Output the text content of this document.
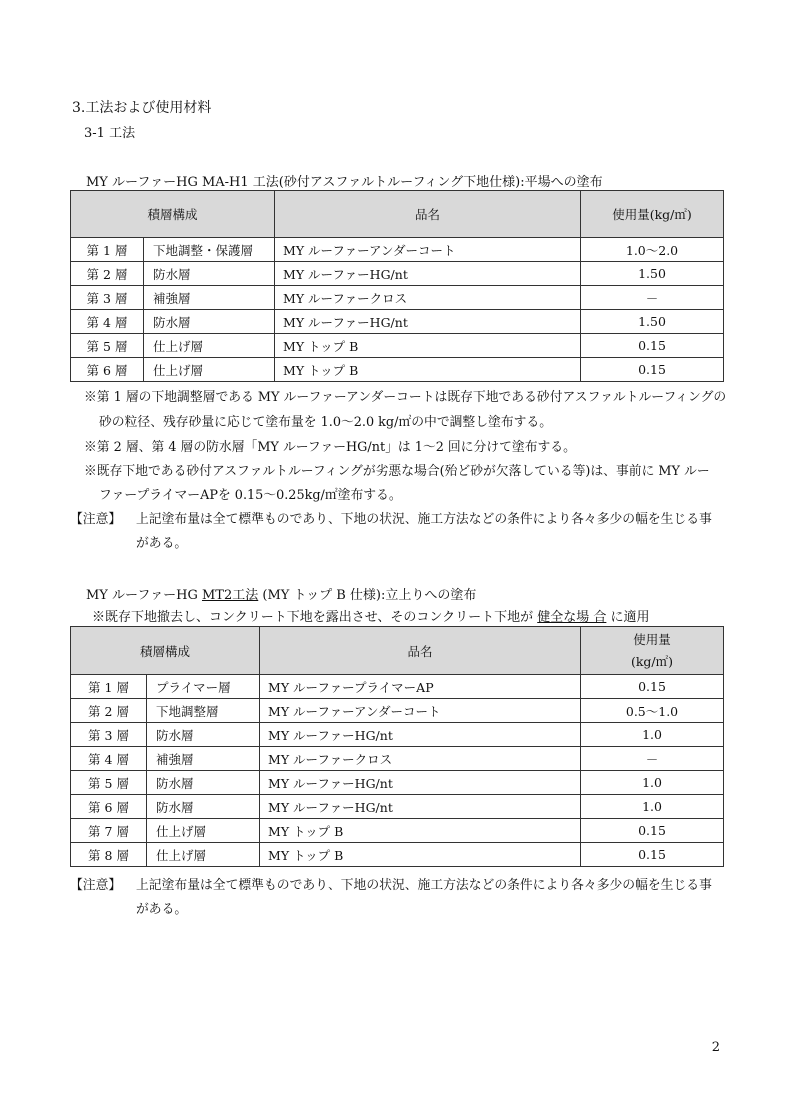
3.工法および使用材料
3-1 工法
MY ルーファーHG MA-H1 工法(砂付アスファルトルーフィング下地仕様):平場への塗布
積層構成		品名	使用量(kg/㎡)
第 1 層	下地調整・保護層	MY ルーファーアンダーコート	1.0～2.0
第 2 層	防水層	MY ルーファーHG/nt	1.50
第 3 層	補強層	MY ルーファークロス	－
第 4 層	防水層	MY ルーファーHG/nt	1.50
第 5 層	仕上げ層	MY トップ B	0.15
第 6 層	仕上げ層	MY トップ B	0.15
※第 1 層の下地調整層である MY ルーファーアンダーコートは既存下地である砂付アスファルトルーフィングの
砂の粒径、残存砂量に応じて塗布量を 1.0～2.0 kg/㎡の中で調整し塗布する。
※第 2 層、第 4 層の防水層「MY ルーファーHG/nt」は 1～2 回に分けて塗布する。
※既存下地である砂付アスファルトルーフィングが劣悪な場合(殆ど砂が欠落している等)は、事前に MY ルー
ファープライマーAPを 0.15～0.25kg/㎡塗布する。
【注意】 上記塗布量は全て標準ものであり、下地の状況、施工方法などの条件により各々多少の幅を生じる事
がある。
MY ルーファーHG MT2工法 (MY トップ B 仕様):立上りへの塗布
※既存下地撤去し、コンクリート下地を露出させ、そのコンクリート下地が 健全な場 合 に適用
積層構成		品名	使用量
(kg/㎡)

第 1 層	プライマー層	MY ルーファープライマーAP	0.15
第 2 層	下地調整層	MY ルーファーアンダーコート	0.5～1.0
第 3 層	防水層	MY ルーファーHG/nt	1.0
第 4 層	補強層	MY ルーファークロス	－
第 5 層	防水層	MY ルーファーHG/nt	1.0
第 6 層	防水層	MY ルーファーHG/nt	1.0
第 7 層	仕上げ層	MY トップ B	0.15
第 8 層	仕上げ層	MY トップ B	0.15
【注意】 上記塗布量は全て標準ものであり、下地の状況、施工方法などの条件により各々多少の幅を生じる事
がある。
2
